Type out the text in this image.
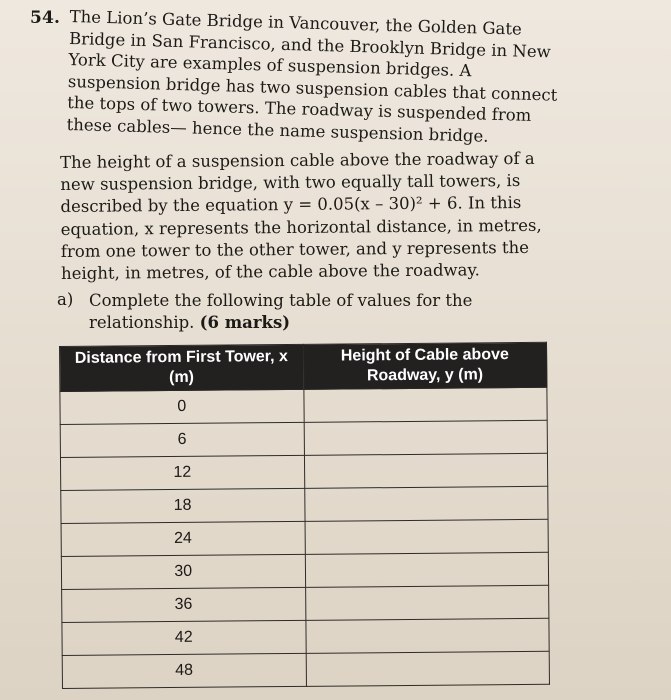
54. The Lion’s Gate Bridge in Vancouver, the Golden Gate Bridge in San Francisco, and the Brooklyn Bridge in New York City are examples of suspension bridges. A suspension bridge has two suspension cables that connect the tops of two towers. The roadway is suspended from these cables— hence the name suspension bridge.
The height of a suspension cable above the roadway of a new suspension bridge, with two equally tall towers, is described by the equation y = 0.05(x – 30)² + 6. In this equation, x represents the horizontal distance, in metres, from one tower to the other tower, and y represents the height, in metres, of the cable above the roadway.
a) Complete the following table of values for the relationship. (6 marks)
Distance from First Tower, x (m)	Height of Cable above Roadway, y (m)
0	
6	
12	
18	
24	
30	
36	
42	
48	
